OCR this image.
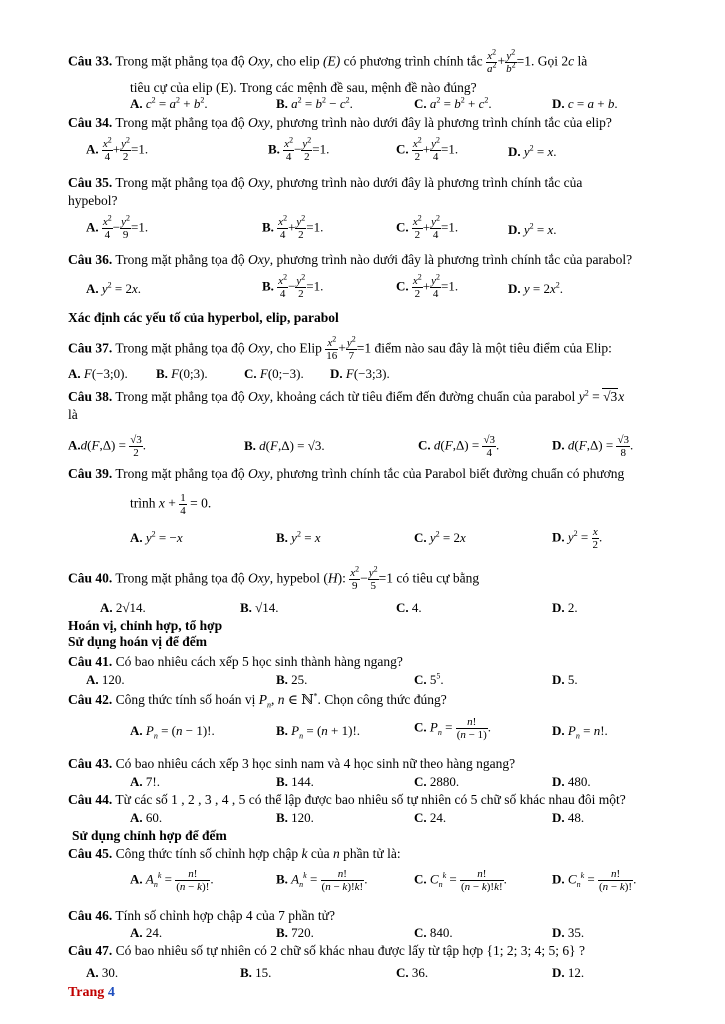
Câu 33. Trong mặt phẳng tọa độ Oxy, cho elip (E) có phương trình chính tắc $\frac{x^2}{a^2} + \frac{y^2}{b^2} =1$. Gọi 2c là
tiêu cự của elip (E). Trong các mệnh đề sau, mệnh đề nào đúng?
A. $c^2 = a^2 + b^2$.	B. $a^2 = b^2 - c^2$.	C. $a^2 = b^2 + c^2$.	D. c = a + b.
Câu 34. Trong mặt phẳng tọa độ Oxy, phương trình nào dưới đây là phương trình chính tắc của elip?
A. $\frac{x^2}{4} + \frac{y^2}{2} =1$.	B. $\frac{x^2}{4} - \frac{y^2}{2} =1$.	C. $\frac{x^2}{2} + \frac{y^2}{4} =1$.	D. $y^2 = x$.
Câu 35. Trong mặt phẳng tọa độ Oxy, phương trình nào dưới đây là phương trình chính tắc của
hypebol?
A. $\frac{x^2}{4} - \frac{y^2}{9} =1$.	B. $\frac{x^2}{4} + \frac{y^2}{2} =1$.	C. $\frac{x^2}{2} + \frac{y^2}{4} =1$.	D. $y^2 = x$.
Câu 36. Trong mặt phẳng tọa độ Oxy, phương trình nào dưới đây là phương trình chính tắc của parabol?
A. $y^2 = 2x$.	B. $\frac{x^2}{4} - \frac{y^2}{2} =1$.	C. $\frac{x^2}{2} + \frac{y^2}{4} =1$.	D. $y = 2x^2$.
Xác định các yếu tố của hyperbol, elip, parabol
Câu 37. Trong mặt phẳng tọa độ Oxy, cho Elip $\frac{x^2}{16} + \frac{y^2}{7} =1$ điểm nào sau đây là một tiêu điểm của Elip:
A. F(−3;0). B. F(0;3).	C. F(0;−3). D. F(−3;3).
Câu 38. Trong mặt phẳng tọa độ Oxy, khoảng cách từ tiêu điểm đến đường chuẩn của parabol $y^2 = √3x$
là
$A.d(F,\Delta) = \frac{√3}{2}$ .	B. d(F,Δ) = √3.	C. $d(F,\Delta) = \frac{√3}{4}$ .	D. $d(F,\Delta) = \frac{√3}{8}$ .
Câu 39. Trong mặt phẳng tọa độ Oxy, phương trình chính tắc của Parabol biết đường chuẩn có phương
trình $x + \frac{1}{4} = 0$.
A. $y^2 = -x$	B. $y^2 = x$	C. $y^2 = 2x$	D. $y^2 = \frac{x}{2}$ .
Câu 40. Trong mặt phẳng tọa độ Oxy, hypebol (H): $\frac{x^2}{9} - \frac{y^2}{5} =1$ có tiêu cự bằng
A. 2√14.	B. √14.	C. 4.	D. 2.
Hoán vị, chỉnh hợp, tổ hợp
Sử dụng hoán vị để đếm
Câu 41. Có bao nhiêu cách xếp 5 học sinh thành hàng ngang?
A. 120.	B. 25.	C. $5^5$.	D. 5.
Câu 42. Công thức tính số hoán vị $P_n$, n ∈ ℕ*. Chọn công thức đúng?
A. $P_n = (n - 1)$!.	B. $P_n = (n + 1)$!.	C. $P_n = \frac{n!}{(n - 1)}$ .	D. $P_n = n$!.
Câu 43. Có bao nhiêu cách xếp 3 học sinh nam và 4 học sinh nữ theo hàng ngang?
A. 7!.	B. 144.	C. 2880.	D. 480.
Câu 44. Từ các số 1 , 2 , 3 , 4 , 5 có thể lập được bao nhiêu số tự nhiên có 5 chữ số khác nhau đôi một?
A. 60.	B. 120.	C. 24.	D. 48.
Sử dụng chỉnh hợp để đếm
Câu 45. Công thức tính số chỉnh hợp chập k của n phần tử là:
A. $A_n^k = \frac{n!}{(n - k)!}$ .	B. $A_n^k = \frac{n!}{(n - k)!k!}$ .	C. $C_n^k = \frac{n!}{(n - k)!k!}$ .	D. $C_n^k = \frac{n!}{(n - k)!}$ .
Câu 46. Tính số chỉnh hợp chập 4 của 7 phần tử?
A. 24.	B. 720.	C. 840.	D. 35.
Câu 47. Có bao nhiêu số tự nhiên có 2 chữ số khác nhau được lấy từ tập hợp {1; 2; 3; 4; 5; 6} ?
A. 30.	B. 15.	C. 36.	D. 12.
Trang 4
